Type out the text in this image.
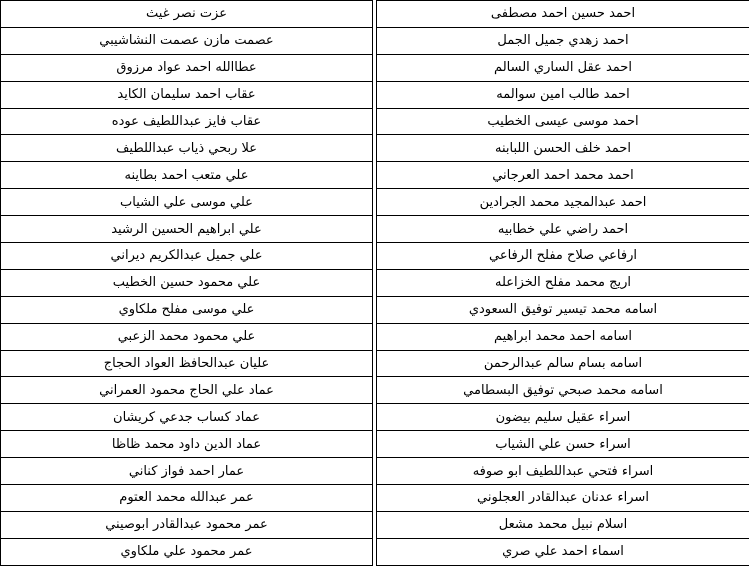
عزت نصر غيث		احمد حسين احمد مصطفى
عصمت مازن عصمت النشاشيبي		احمد زهدي جميل الجمل
عطاالله احمد عواد مرزوق		احمد عقل الساري السالم
عقاب احمد سليمان الكايد		احمد طالب امين سوالمه
عقاب فايز عبداللطيف عوده		احمد موسى عيسى الخطيب
علا ربحي ذياب عبداللطيف		احمد خلف الحسن اللبابنه
علي متعب احمد بطاينه		احمد محمد احمد العرجاني
علي موسى علي الشياب		احمد عبدالمجيد محمد الجرادين
علي ابراهيم الحسين الرشيد		احمد راضي علي خطابيه
علي جميل عبدالكريم ديراني		ارفاعي صلاح مفلح الرفاعي
علي محمود حسين الخطيب		اريج محمد مفلح الخزاعله
علي موسى مفلح ملكاوي		اسامه محمد تيسير توفيق السعودي
علي محمود محمد الزعبي		اسامه احمد محمد ابراهيم
عليان عبدالحافظ العواد الحجاج		اسامه بسام سالم عبدالرحمن
عماد علي الحاج محمود العمراني		اسامه محمد صبحي توفيق البسطامي
عماد كساب جدعي كريشان		اسراء عقيل سليم بيضون
عماد الدين داود محمد ظاظا		اسراء حسن علي الشياب
عمار احمد فواز كناني		اسراء فتحي عبداللطيف ابو صوفه
عمر عبدالله محمد العتوم		اسراء عدنان عبدالقادر العجلوني
عمر محمود عبدالقادر ابوصيني		اسلام نبيل محمد مشعل
عمر محمود علي ملكاوي		اسماء احمد علي صري
